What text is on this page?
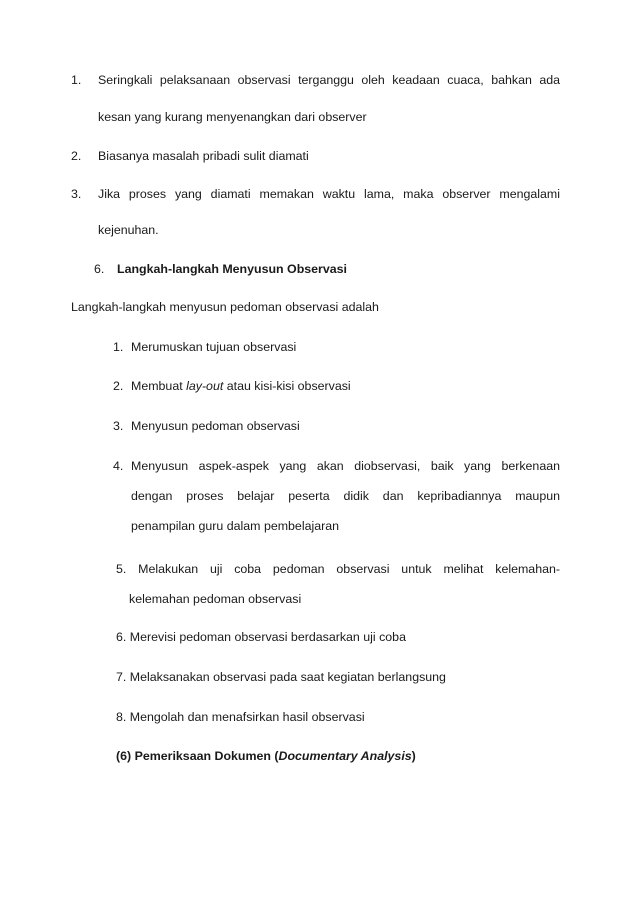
1. Seringkali pelaksanaan observasi terganggu oleh keadaan cuaca, bahkan ada
kesan yang kurang menyenangkan dari observer
2. Biasanya masalah pribadi sulit diamati
3. Jika proses yang diamati memakan waktu lama, maka observer mengalami
kejenuhan.
6. Langkah-langkah Menyusun Observasi
Langkah-langkah menyusun pedoman observasi adalah
1. Merumuskan tujuan observasi
2. Membuat lay-out atau kisi-kisi observasi
3. Menyusun pedoman observasi
4. Menyusun aspek-aspek yang akan diobservasi, baik yang berkenaan
dengan proses belajar peserta didik dan kepribadiannya maupun
penampilan guru dalam pembelajaran
5. Melakukan uji coba pedoman observasi untuk melihat kelemahan-
kelemahan pedoman observasi
6. Merevisi pedoman observasi berdasarkan uji coba
7. Melaksanakan observasi pada saat kegiatan berlangsung
8. Mengolah dan menafsirkan hasil observasi
(6) Pemeriksaan Dokumen (Documentary Analysis)
